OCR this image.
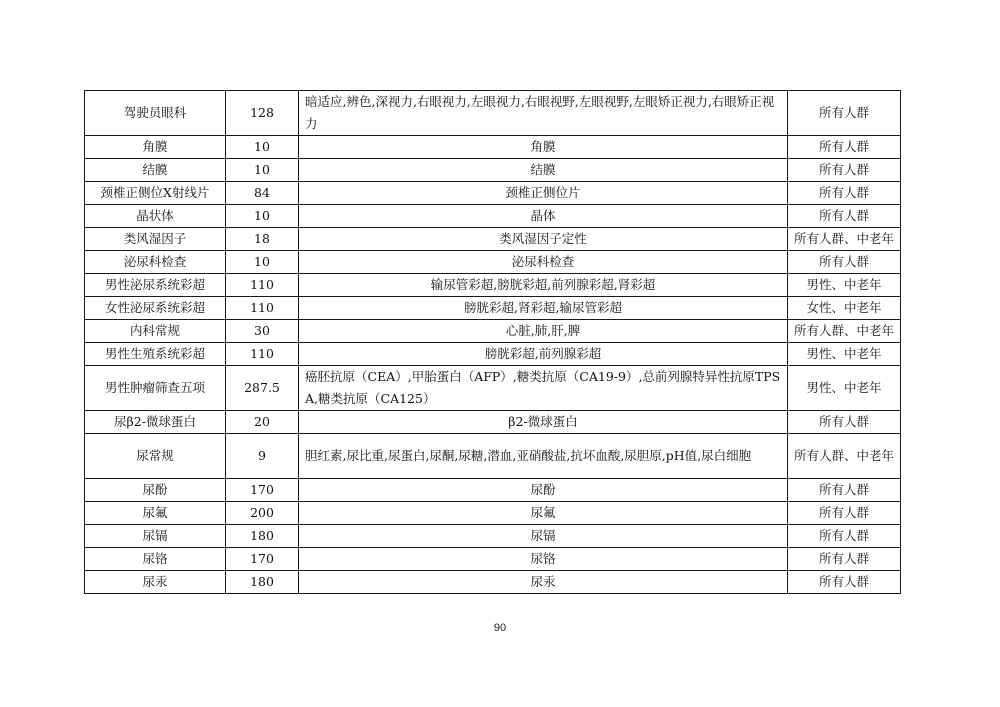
驾驶员眼科	128	暗适应,辨色,深视力,右眼视力,左眼视力,右眼视野,左眼视野,左眼矫正视力,右眼矫正视力	所有人群
角膜	10	角膜	所有人群
结膜	10	结膜	所有人群
颈椎正侧位X射线片	84	颈椎正侧位片	所有人群
晶状体	10	晶体	所有人群
类风湿因子	18	类风湿因子定性	所有人群、中老年
泌尿科检查	10	泌尿科检查	所有人群
男性泌尿系统彩超	110	输尿管彩超,膀胱彩超,前列腺彩超,肾彩超	男性、中老年
女性泌尿系统彩超	110	膀胱彩超,肾彩超,输尿管彩超	女性、中老年
内科常规	30	心脏,肺,肝,脾	所有人群、中老年
男性生殖系统彩超	110	膀胱彩超,前列腺彩超	男性、中老年
男性肿瘤筛查五项	287.5	癌胚抗原（CEA）,甲胎蛋白（AFP）,糖类抗原（CA19-9）,总前列腺特异性抗原TPSA,糖类抗原（CA125）	男性、中老年
尿β2-微球蛋白	20	β2-微球蛋白	所有人群
尿常规	9	胆红素,尿比重,尿蛋白,尿酮,尿糖,潜血,亚硝酸盐,抗坏血酸,尿胆原,pH值,尿白细胞	所有人群、中老年
尿酚	170	尿酚	所有人群
尿氟	200	尿氟	所有人群
尿镉	180	尿镉	所有人群
尿铬	170	尿铬	所有人群
尿汞	180	尿汞	所有人群
90
